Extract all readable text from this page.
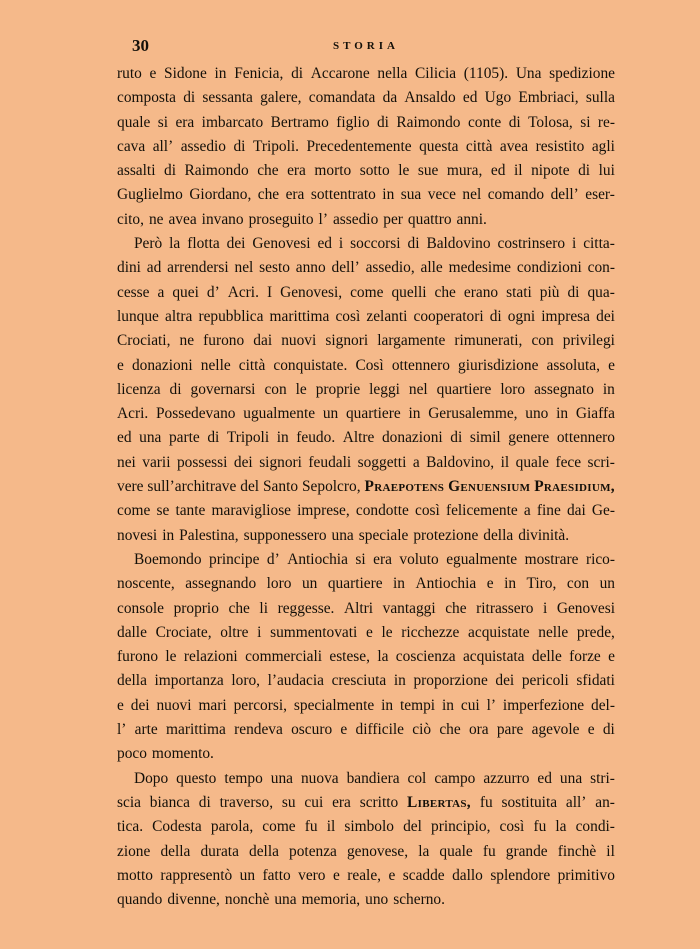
30	STORIA
ruto e Sidone in Fenicia, di Accarone nella Cilicia (1105). Una spedizione
composta di sessanta galere, comandata da Ansaldo ed Ugo Embriaci, sulla
quale si era imbarcato Bertramo figlio di Raimondo conte di Tolosa, si re-
cava all’ assedio di Tripoli. Precedentemente questa città avea resistito agli
assalti di Raimondo che era morto sotto le sue mura, ed il nipote di lui
Guglielmo Giordano, che era sottentrato in sua vece nel comando dell’ eser-
cito, ne avea invano proseguito l’ assedio per quattro anni.
Però la flotta dei Genovesi ed i soccorsi di Baldovino costrinsero i citta-
dini ad arrendersi nel sesto anno dell’ assedio, alle medesime condizioni con-
cesse a quei d’ Acri. I Genovesi, come quelli che erano stati più di qua-
lunque altra repubblica marittima così zelanti cooperatori di ogni impresa dei
Crociati, ne furono dai nuovi signori largamente rimunerati, con privilegi
e donazioni nelle città conquistate. Così ottennero giurisdizione assoluta, e
licenza di governarsi con le proprie leggi nel quartiere loro assegnato in
Acri. Possedevano ugualmente un quartiere in Gerusalemme, uno in Giaffa
ed una parte di Tripoli in feudo. Altre donazioni di simil genere ottennero
nei varii possessi dei signori feudali soggetti a Baldovino, il quale fece scri-
vere sull’architrave del Santo Sepolcro, Praepotens Genuensium Praesidium,
come se tante maravigliose imprese, condotte così felicemente a fine dai Ge-
novesi in Palestina, supponessero una speciale protezione della divinità.
Boemondo principe d’ Antiochia si era voluto egualmente mostrare rico-
noscente, assegnando loro un quartiere in Antiochia e in Tiro, con un
console proprio che li reggesse. Altri vantaggi che ritrassero i Genovesi
dalle Crociate, oltre i summentovati e le ricchezze acquistate nelle prede,
furono le relazioni commerciali estese, la coscienza acquistata delle forze e
della importanza loro, l’audacia cresciuta in proporzione dei pericoli sfidati
e dei nuovi mari percorsi, specialmente in tempi in cui l’ imperfezione del-
l’ arte marittima rendeva oscuro e difficile ciò che ora pare agevole e di
poco momento.
Dopo questo tempo una nuova bandiera col campo azzurro ed una stri-
scia bianca di traverso, su cui era scritto Libertas, fu sostituita all’ an-
tica. Codesta parola, come fu il simbolo del principio, così fu la condi-
zione della durata della potenza genovese, la quale fu grande finchè il
motto rappresentò un fatto vero e reale, e scadde dallo splendore primitivo
quando divenne, nonchè una memoria, uno scherno.
